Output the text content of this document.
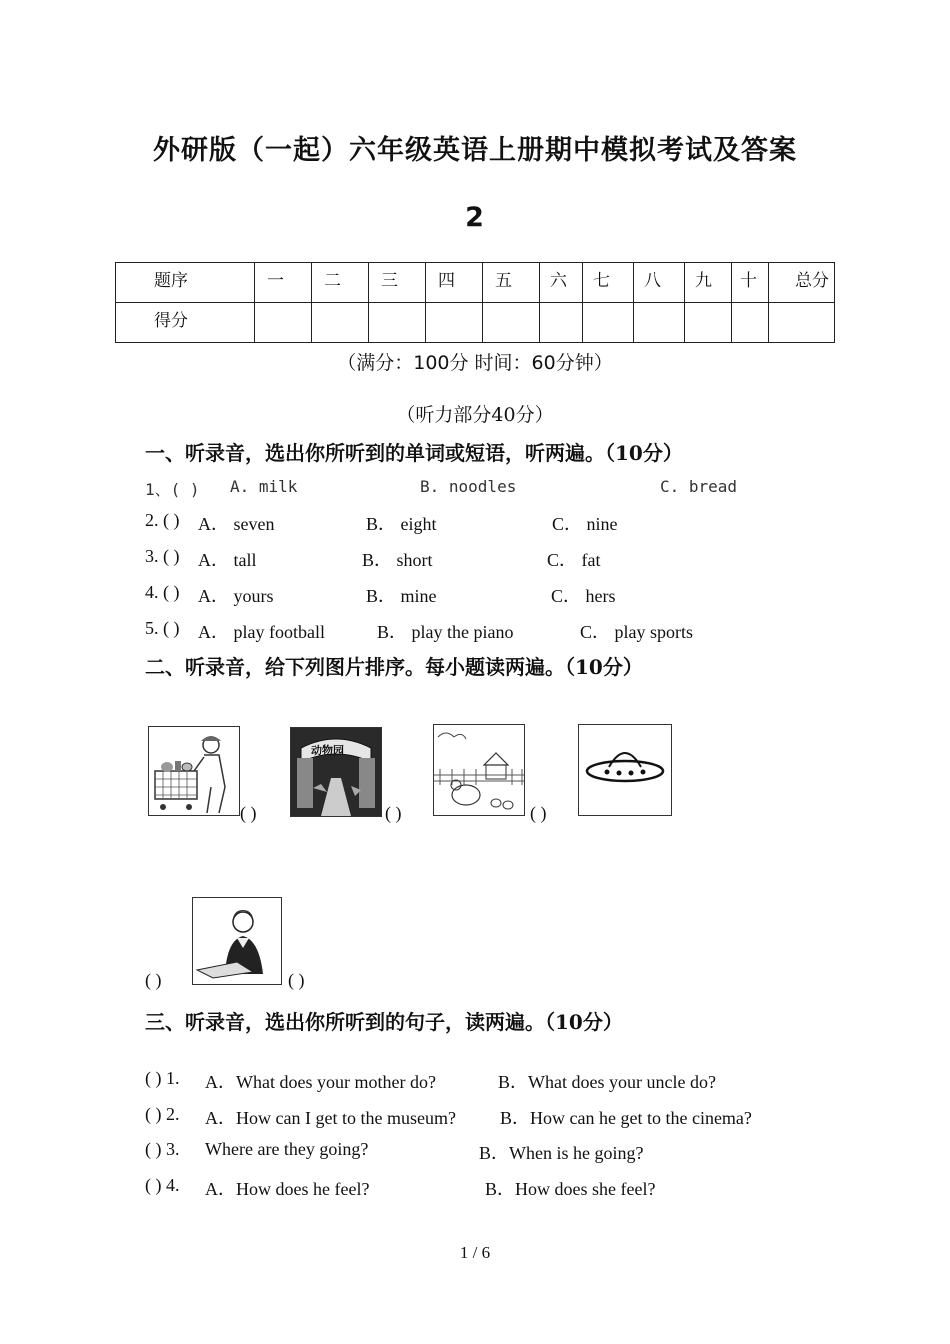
外研版（一起）六年级英语上册期中模拟考试及答案
2
题序	一	二	三	四	五	六	七	八	九	十	总分
得分											
（满分：100分 时间：60分钟）
（听力部分40分）
一、听录音，选出你所听到的单词或短语，听两遍。（10分）
1、( ) A. milk	B. noodles	C. bread
2. ( ) A． seven	B． eight	C． nine
3. ( ) A． tall	B． short	C． fat
4. ( ) A． yours	B． mine	C． hers
5. ( ) A． play football	B． play the piano	C． play sports
二、听录音，给下列图片排序。每小题读两遍。（10分）
( )
动物园
( )	( )
( )	( )
三、听录音，选出你所听到的句子，读两遍。（10分）
( ) 1. A．What does your mother do?	B．What does your uncle do?
( ) 2. A．How can I get to the museum? B．How can he get to the cinema?
( ) 3. Where are they going?	B．When is he going?
( ) 4. A．How does he feel?	B．How does she feel?
1 / 6
